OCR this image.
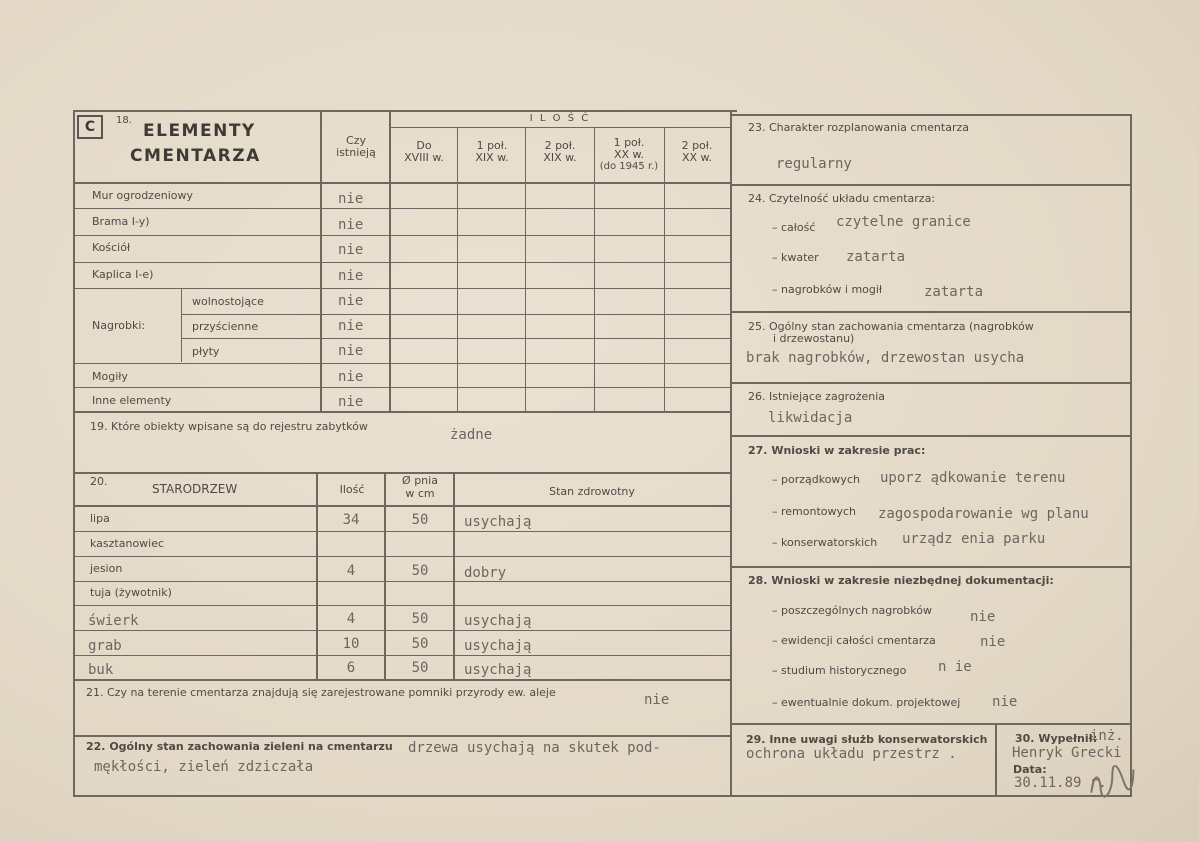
C	18.
ELEMENTY
CMENTARZA
Czy
istnieją
I L O Ś Ć
Do
XVIII w.
1 poł.
XIX w.
2 poł.
XIX w.
1 poł.
XX w.
(do 1945 r.)
2 poł.
XX w.
Mur ogrodzeniowy	nie
Brama I-y)	nie
Kościół	nie
Kaplica I-e)	nie
Nagrobki:
wolnostojące	nie
przyścienne	nie
płyty	nie
Mogiły	nie
Inne elementy	nie
19. Które obiekty wpisane są do rejestru zabytków
żadne
20.
STARODRZEW	Ilość
Ø pnia
w cm	Stan zdrowotny
lipa	34	50	usychają
kasztanowiec
jesion	4	50	dobry
tuja (żywotnik)
świerk	4	50	usychają
grab	10	50	usychają
buk	6	50	usychają
21. Czy na terenie cmentarza znajdują się zarejestrowane pomniki przyrody ew. aleje	nie
22. Ogólny stan zachowania zieleni na cmentarzu drzewa usychają na skutek pod-
mękłości, zieleń zdziczała
23. Charakter rozplanowania cmentarza
regularny
24. Czytelność układu cmentarza:
– całość czytelne granice
– kwater zatarta
– nagrobków i mogił	zatarta
25. Ogólny stan zachowania cmentarza (nagrobków
i drzewostanu)
brak nagrobków, drzewostan usycha
26. Istniejące zagrożenia
likwidacja
27. Wnioski w zakresie prac:
– porządkowych uporz ądkowanie terenu
– remontowych zagospodarowanie wg planu
– konserwatorskich urządz enia parku
28. Wnioski w zakresie niezbędnej dokumentacji:
– poszczególnych nagrobków	nie
– ewidencji całości cmentarza	nie
– studium historycznego n ie
– ewentualnie dokum. projektowej nie
29. Inne uwagi służb konserwatorskich
ochrona układu przestrz .
30. Wypełnił:
inż.
Henryk Grecki
Data:
30.11.89 r.
